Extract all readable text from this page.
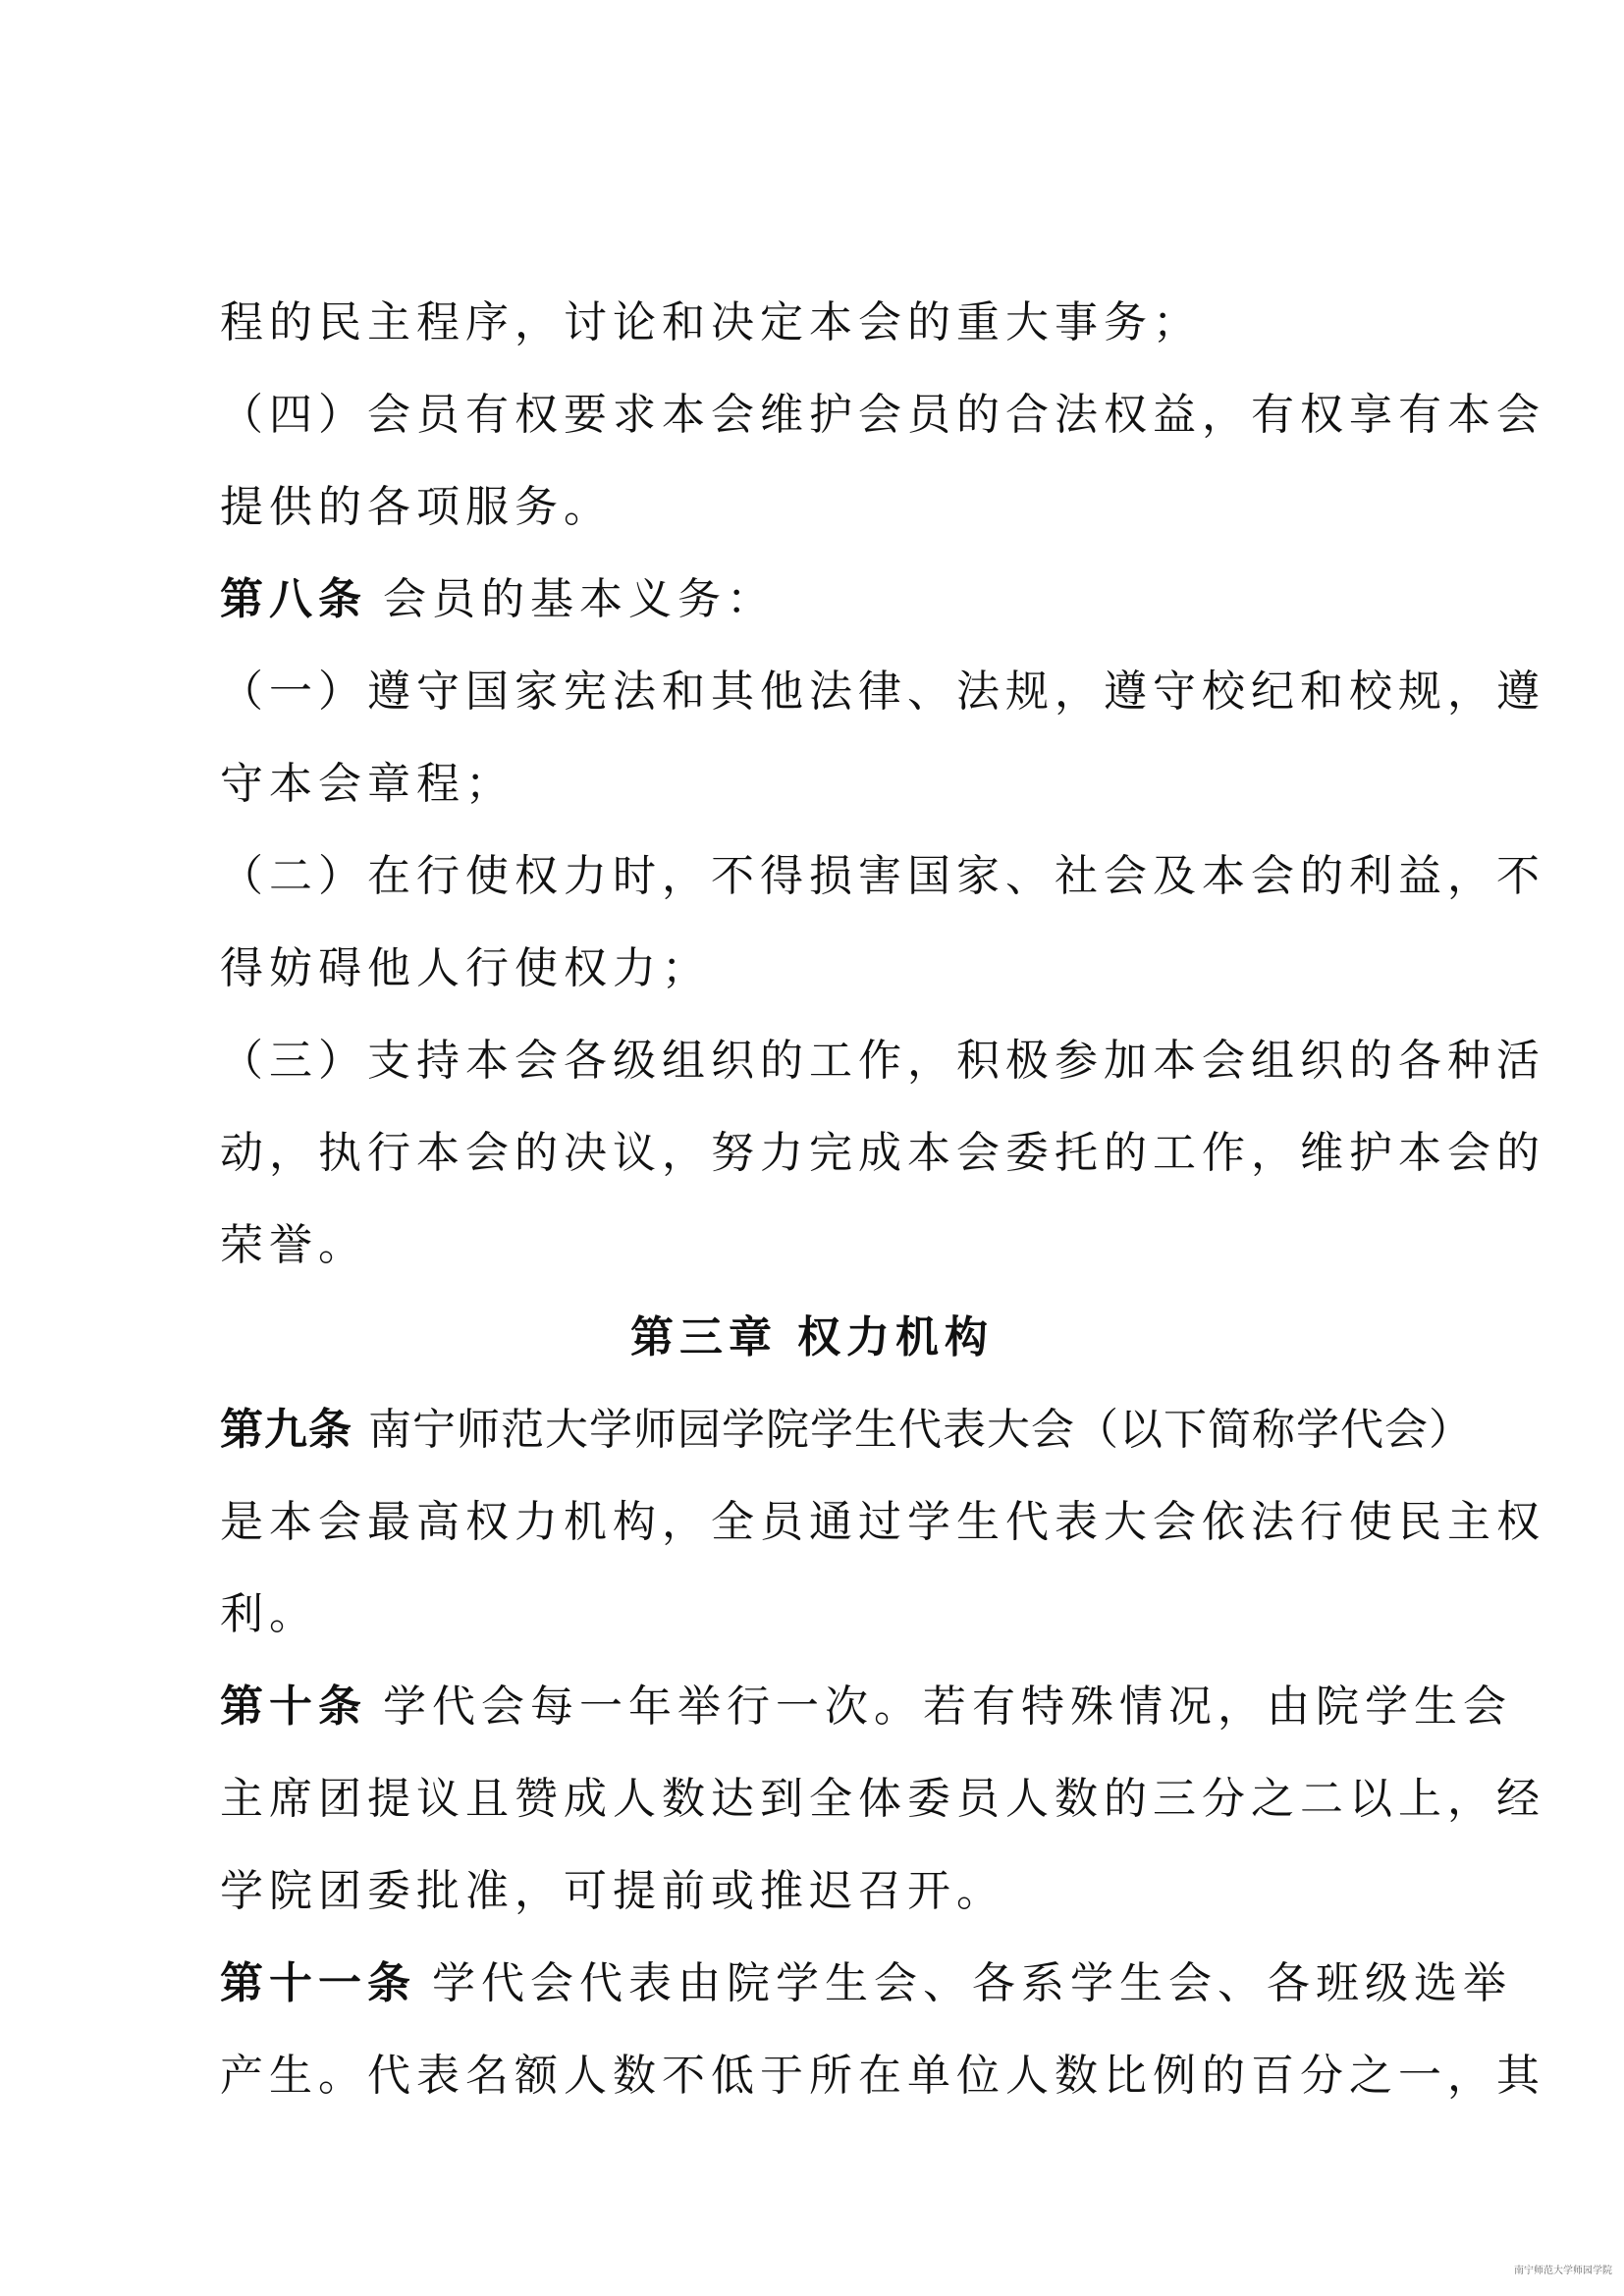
程的民主程序，讨论和决定本会的重大事务；
（四）会员有权要求本会维护会员的合法权益，有权享有本会
提供的各项服务。
第八条 会员的基本义务：
（一）遵守国家宪法和其他法律、法规，遵守校纪和校规，遵
守本会章程；
（二）在行使权力时，不得损害国家、社会及本会的利益，不
得妨碍他人行使权力；
（三）支持本会各级组织的工作，积极参加本会组织的各种活
动，执行本会的决议，努力完成本会委托的工作，维护本会的
荣誉。
第三章 权力机构
第九条 南宁师范大学师园学院学生代表大会（以下简称学代会）
是本会最高权力机构，全员通过学生代表大会依法行使民主权
利。
第十条 学代会每一年举行一次。若有特殊情况，由院学生会
主席团提议且赞成人数达到全体委员人数的三分之二以上，经
学院团委批准，可提前或推迟召开。
第十一条 学代会代表由院学生会、各系学生会、各班级选举
产生。代表名额人数不低于所在单位人数比例的百分之一，其
南宁师范大学师园学院
